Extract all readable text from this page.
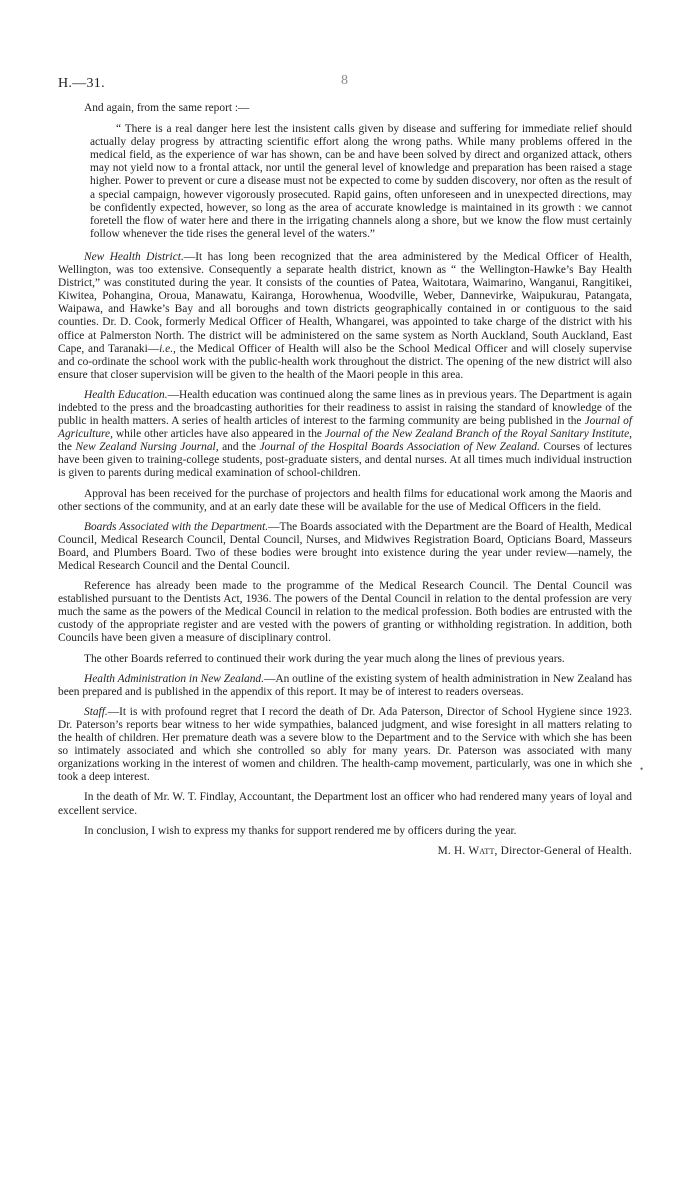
H.—31.	8
•

And again, from the same report :—

“ There is a real danger here lest the insistent calls given by disease and suffering for immediate relief should actually delay progress by attracting scientific effort along the wrong paths. While many problems offered in the medical field, as the experience of war has shown, can be and have been solved by direct and organized attack, others may not yield now to a frontal attack, nor until the general level of knowledge and preparation has been raised a stage higher. Power to prevent or cure a disease must not be expected to come by sudden discovery, nor often as the result of a special campaign, however vigorously prosecuted. Rapid gains, often unforeseen and in unexpected directions, may be confidently expected, however, so long as the area of accurate knowledge is maintained in its growth : we cannot foretell the flow of water here and there in the irrigating channels along a shore, but we know the flow must certainly follow whenever the tide rises the general level of the waters.”

New Health District.—It has long been recognized that the area administered by the Medical Officer of Health, Wellington, was too extensive. Consequently a separate health district, known as “ the Wellington-Hawke’s Bay Health District,” was constituted during the year. It consists of the counties of Patea, Waitotara, Waimarino, Wanganui, Rangitikei, Kiwitea, Pohangina, Oroua, Manawatu, Kairanga, Horowhenua, Woodville, Weber, Dannevirke, Waipukurau, Patangata, Waipawa, and Hawke’s Bay and all boroughs and town districts geographically contained in or contiguous to the said counties. Dr. D. Cook, formerly Medical Officer of Health, Whangarei, was appointed to take charge of the district with his office at Palmerston North. The district will be administered on the same system as North Auckland, South Auckland, East Cape, and Taranaki—i.e., the Medical Officer of Health will also be the School Medical Officer and will closely supervise and co-ordinate the school work with the public-health work throughout the district. The opening of the new district will also ensure that closer supervision will be given to the health of the Maori people in this area.

Health Education.—Health education was continued along the same lines as in previous years. The Department is again indebted to the press and the broadcasting authorities for their readiness to assist in raising the standard of knowledge of the public in health matters. A series of health articles of interest to the farming community are being published in the Journal of Agriculture, while other articles have also appeared in the Journal of the New Zealand Branch of the Royal Sanitary Institute, the New Zealand Nursing Journal, and the Journal of the Hospital Boards Association of New Zealand. Courses of lectures have been given to training-college students, post-graduate sisters, and dental nurses. At all times much individual instruction is given to parents during medical examination of school-children.

Approval has been received for the purchase of projectors and health films for educational work among the Maoris and other sections of the community, and at an early date these will be available for the use of Medical Officers in the field.

Boards Associated with the Department.—The Boards associated with the Department are the Board of Health, Medical Council, Medical Research Council, Dental Council, Nurses, and Midwives Registration Board, Opticians Board, Masseurs Board, and Plumbers Board. Two of these bodies were brought into existence during the year under review—namely, the Medical Research Council and the Dental Council.

Reference has already been made to the programme of the Medical Research Council. The Dental Council was established pursuant to the Dentists Act, 1936. The powers of the Dental Council in relation to the dental profession are very much the same as the powers of the Medical Council in relation to the medical profession. Both bodies are entrusted with the custody of the appropriate register and are vested with the powers of granting or withholding registration. In addition, both Councils have been given a measure of disciplinary control.

The other Boards referred to continued their work during the year much along the lines of previous years.

Health Administration in New Zealand.—An outline of the existing system of health administration in New Zealand has been prepared and is published in the appendix of this report. It may be of interest to readers overseas.

Staff.—It is with profound regret that I record the death of Dr. Ada Paterson, Director of School Hygiene since 1923. Dr. Paterson’s reports bear witness to her wide sympathies, balanced judgment, and wise foresight in all matters relating to the health of children. Her premature death was a severe blow to the Department and to the Service with which she has been so intimately associated and which she controlled so ably for many years. Dr. Paterson was associated with many organizations working in the interest of women and children. The health-camp movement, particularly, was one in which she took a deep interest.

In the death of Mr. W. T. Findlay, Accountant, the Department lost an officer who had rendered many years of loyal and excellent service.

In conclusion, I wish to express my thanks for support rendered me by officers during the year.

M. H. Watt, Director-General of Health.
